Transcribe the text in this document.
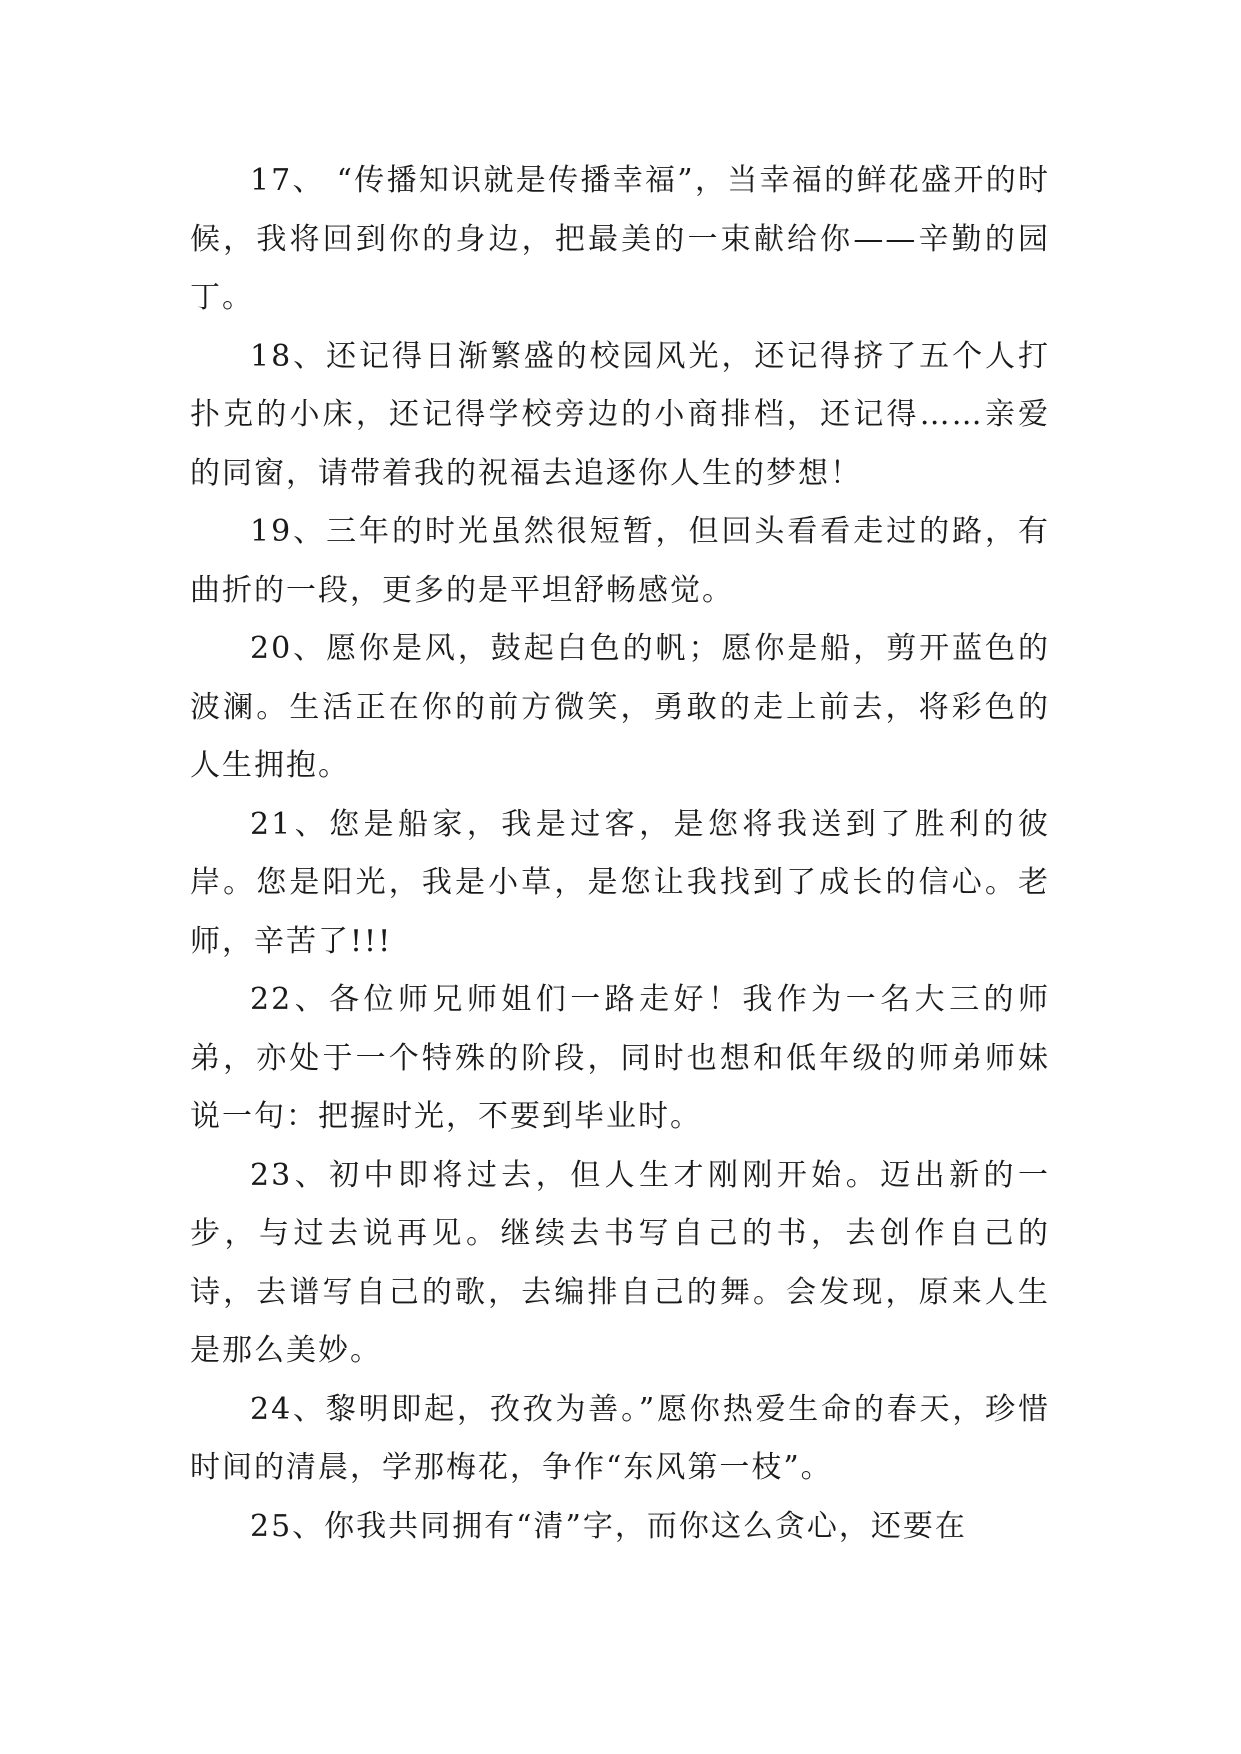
17、 “传播知识就是传播幸福”，当幸福的鲜花盛开的时候，我将回到你的身边，把最美的一束献给你——辛勤的园丁。

18、还记得日渐繁盛的校园风光，还记得挤了五个人打扑克的小床，还记得学校旁边的小商排档，还记得……亲爱的同窗，请带着我的祝福去追逐你人生的梦想！

19、三年的时光虽然很短暂，但回头看看走过的路，有曲折的一段，更多的是平坦舒畅感觉。

20、愿你是风，鼓起白色的帆；愿你是船，剪开蓝色的波澜。生活正在你的前方微笑，勇敢的走上前去，将彩色的人生拥抱。

21、您是船家，我是过客，是您将我送到了胜利的彼岸。您是阳光，我是小草，是您让我找到了成长的信心。老师，辛苦了!!!

22、各位师兄师姐们一路走好！我作为一名大三的师弟，亦处于一个特殊的阶段，同时也想和低年级的师弟师妹说一句：把握时光，不要到毕业时。

23、初中即将过去，但人生才刚刚开始。迈出新的一步，与过去说再见。继续去书写自己的书，去创作自己的诗，去谱写自己的歌，去编排自己的舞。会发现，原来人生是那么美妙。

24、黎明即起，孜孜为善。”愿你热爱生命的春天，珍惜时间的清晨，学那梅花，争作“东风第一枝”。

25、你我共同拥有“清”字，而你这么贪心，还要在
